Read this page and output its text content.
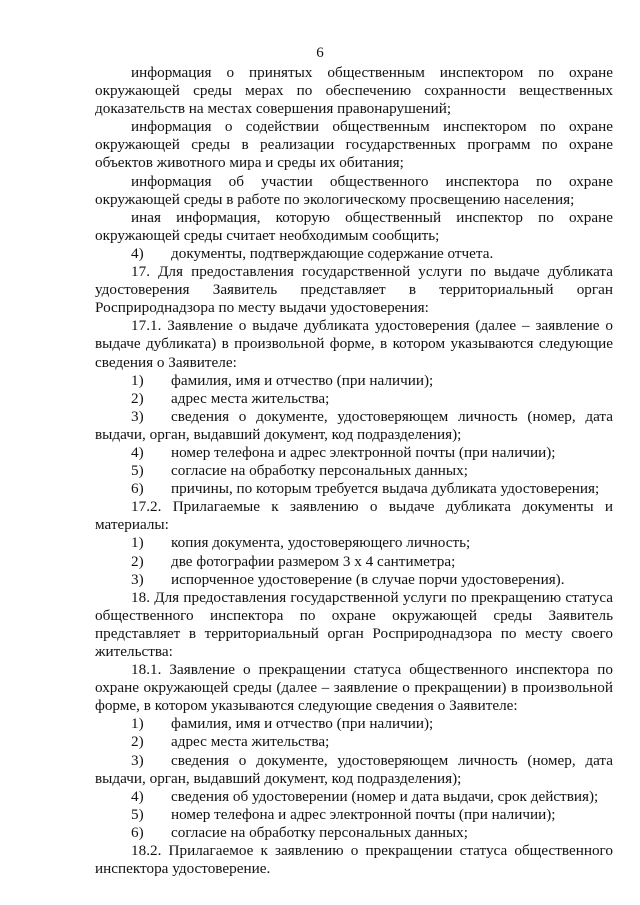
6

информация о принятых общественным инспектором по охране окружающей среды мерах по обеспечению сохранности вещественных доказательств на местах совершения правонарушений;

информация о содействии общественным инспектором по охране окружающей среды в реализации государственных программ по охране объектов животного мира и среды их обитания;

информация об участии общественного инспектора по охране окружающей среды в работе по экологическому просвещению населения;

иная информация, которую общественный инспектор по охране окружающей среды считает необходимым сообщить;

4) документы, подтверждающие содержание отчета.

17. Для предоставления государственной услуги по выдаче дубликата удостоверения Заявитель представляет в территориальный орган Росприроднадзора по месту выдачи удостоверения:

17.1. Заявление о выдаче дубликата удостоверения (далее – заявление о выдаче дубликата) в произвольной форме, в котором указываются следующие сведения о Заявителе:

1) фамилия, имя и отчество (при наличии);

2) адрес места жительства;

3) сведения о документе, удостоверяющем личность (номер, дата выдачи, орган, выдавший документ, код подразделения);

4) номер телефона и адрес электронной почты (при наличии);

5) согласие на обработку персональных данных;

6) причины, по которым требуется выдача дубликата удостоверения;

17.2. Прилагаемые к заявлению о выдаче дубликата документы и материалы:

1) копия документа, удостоверяющего личность;

2) две фотографии размером 3 x 4 сантиметра;

3) испорченное удостоверение (в случае порчи удостоверения).

18. Для предоставления государственной услуги по прекращению статуса общественного инспектора по охране окружающей среды Заявитель представляет в территориальный орган Росприроднадзора по месту своего жительства:

18.1. Заявление о прекращении статуса общественного инспектора по охране окружающей среды (далее – заявление о прекращении) в произвольной форме, в котором указываются следующие сведения о Заявителе:

1) фамилия, имя и отчество (при наличии);

2) адрес места жительства;

3) сведения о документе, удостоверяющем личность (номер, дата выдачи, орган, выдавший документ, код подразделения);

4) сведения об удостоверении (номер и дата выдачи, срок действия);

5) номер телефона и адрес электронной почты (при наличии);

6) согласие на обработку персональных данных;

18.2. Прилагаемое к заявлению о прекращении статуса общественного инспектора удостоверение.
